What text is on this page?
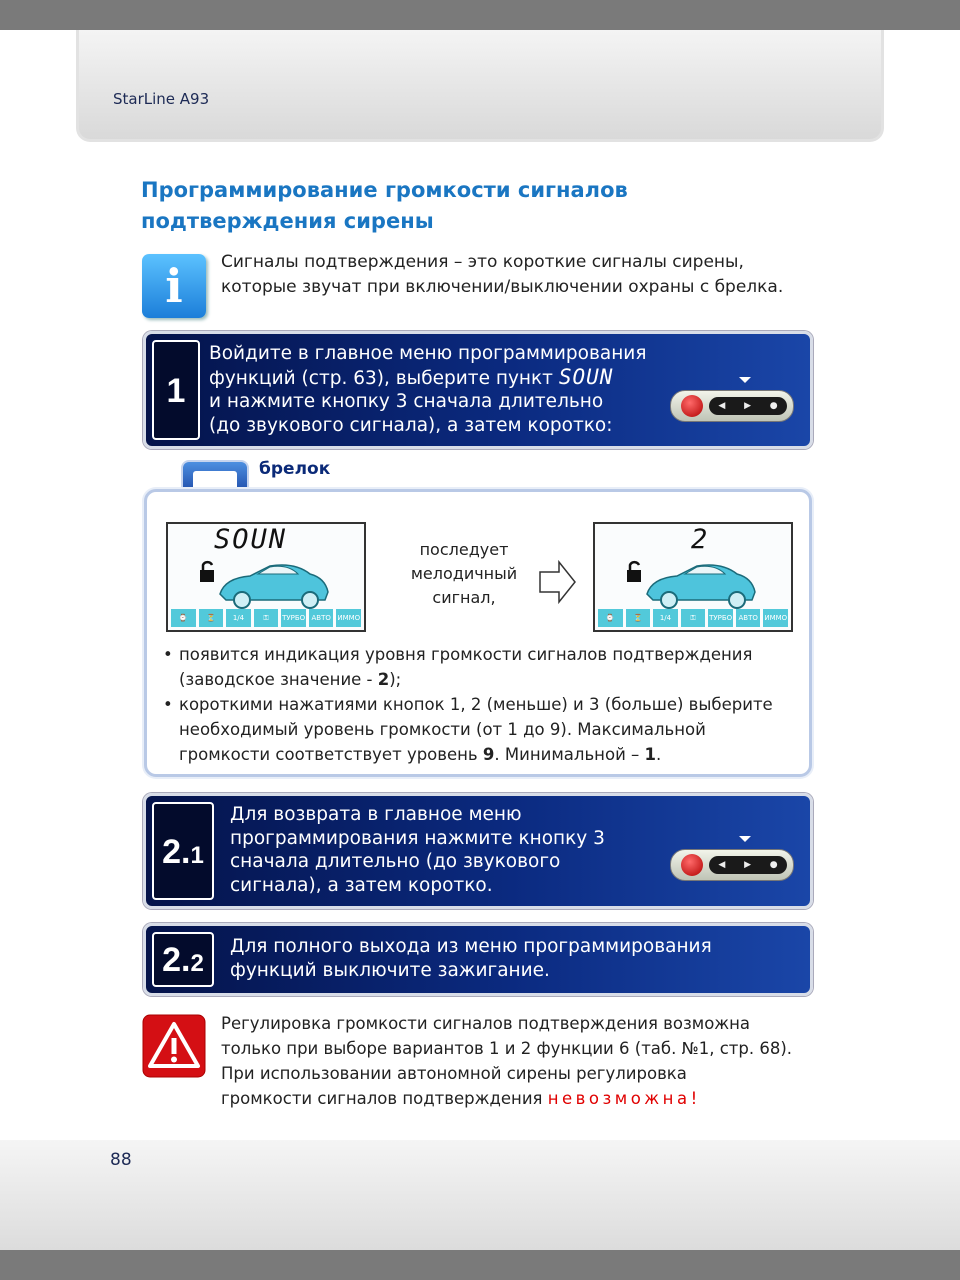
StarLine A93
Программирование громкости сигналов
подтверждения сирены
i	Сигналы подтверждения – это короткие сигналы сирены,
которые звучат при включении/выключении охраны с брелка.
1
Войдите в главное меню программирования
функций (стр. 63), выберите пункт SOUN
и нажмите кнопку 3 сначала длительно
(до звукового сигнала), а затем коротко:
◀ ▶ ●
брелок
SOUN
⌚	⏳	1/4	⚿	ТУРБО АВТО ИММО
последует
мелодичный
сигнал,
2
⌚	⏳	1/4	⚿	ТУРБО АВТО ИММО
• появится индикация уровня громкости сигналов подтверждения
(заводское значение - 2);
• короткими нажатиями кнопок 1, 2 (меньше) и 3 (больше) выберите
необходимый уровень громкости (от 1 до 9). Максимальной
громкости соответствует уровень 9. Минимальной – 1.
2.1
Для возврата в главное меню
программирования нажмите кнопку 3
сначала длительно (до звукового
сигнала), а затем коротко.
◀ ▶ ●
2.2
Для полного выхода из меню программирования
функций выключите зажигание.
Регулировка громкости сигналов подтверждения возможна
только при выборе вариантов 1 и 2 функции 6 (таб. №1, стр. 68).
При использовании автономной сирены регулировка
громкости сигналов подтверждения невозможна!
88
